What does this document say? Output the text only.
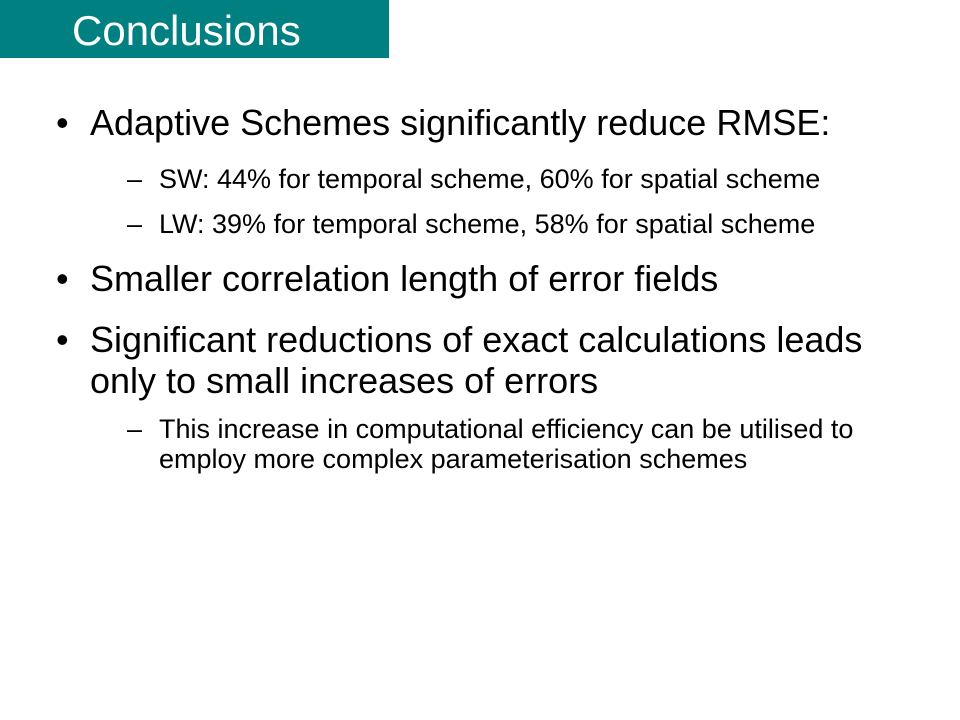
Conclusions
• Adaptive Schemes significantly reduce RMSE:
– SW: 44% for temporal scheme, 60% for spatial scheme
– LW: 39% for temporal scheme, 58% for spatial scheme
• Smaller correlation length of error fields
• Significant reductions of exact calculations leads only to small increases of errors
– This increase in computational efficiency can be utilised to employ more complex parameterisation schemes
